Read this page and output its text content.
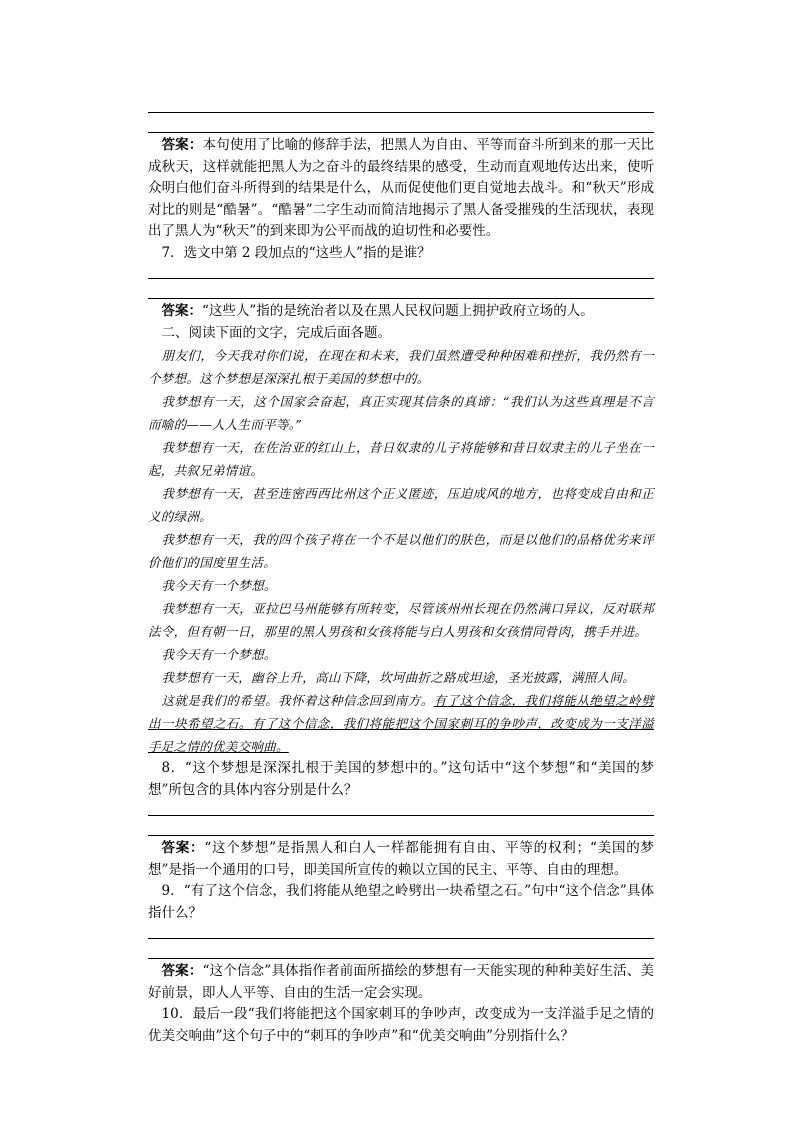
答案：本句使用了比喻的修辞手法，把黑人为自由、平等而奋斗所到来的那一天比成秋天，这样就能把黑人为之奋斗的最终结果的感受，生动而直观地传达出来，使听众明白他们奋斗所得到的结果是什么，从而促使他们更自觉地去战斗。和“秋天”形成对比的则是“酷暑”。“酷暑”二字生动而简洁地揭示了黑人备受摧残的生活现状，表现出了黑人为“秋天”的到来即为公平而战的迫切性和必要性。

7．选文中第 2 段加点的“这些人”指的是谁？

答案：“这些人”指的是统治者以及在黑人民权问题上拥护政府立场的人。

二、阅读下面的文字，完成后面各题。

朋友们，今天我对你们说，在现在和未来，我们虽然遭受种种困难和挫折，我仍然有一个梦想。这个梦想是深深扎根于美国的梦想中的。

我梦想有一天，这个国家会奋起，真正实现其信条的真谛：“我们认为这些真理是不言而喻的——人人生而平等。”

我梦想有一天，在佐治亚的红山上，昔日奴隶的儿子将能够和昔日奴隶主的儿子坐在一起，共叙兄弟情谊。

我梦想有一天，甚至连密西西比州这个正义匿迹，压迫成风的地方，也将变成自由和正义的绿洲。

我梦想有一天，我的四个孩子将在一个不是以他们的肤色，而是以他们的品格优劣来评价他们的国度里生活。

我今天有一个梦想。

我梦想有一天，亚拉巴马州能够有所转变，尽管该州州长现在仍然满口异议，反对联邦法令，但有朝一日，那里的黑人男孩和女孩将能与白人男孩和女孩情同骨肉，携手并进。

我今天有一个梦想。

我梦想有一天，幽谷上升，高山下降，坎坷曲折之路成坦途，圣光披露，满照人间。

这就是我们的希望。我怀着这种信念回到南方。有了这个信念，我们将能从绝望之岭劈出一块希望之石。有了这个信念，我们将能把这个国家刺耳的争吵声，改变成为一支洋溢手足之情的优美交响曲。

8．“这个梦想是深深扎根于美国的梦想中的。”这句话中“这个梦想”和“美国的梦想”所包含的具体内容分别是什么？

答案：“这个梦想”是指黑人和白人一样都能拥有自由、平等的权利；“美国的梦想”是指一个通用的口号，即美国所宣传的赖以立国的民主、平等、自由的理想。

9．“有了这个信念，我们将能从绝望之岭劈出一块希望之石。”句中“这个信念”具体指什么？

答案：“这个信念”具体指作者前面所描绘的梦想有一天能实现的种种美好生活、美好前景，即人人平等、自由的生活一定会实现。

10．最后一段“我们将能把这个国家刺耳的争吵声，改变成为一支洋溢手足之情的优美交响曲”这个句子中的“刺耳的争吵声”和“优美交响曲”分别指什么？
